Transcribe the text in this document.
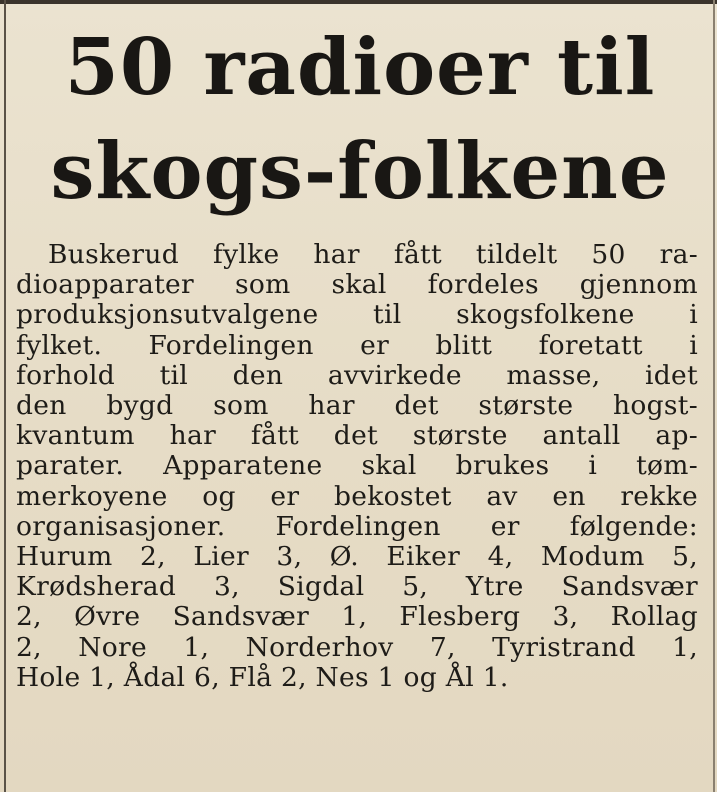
50 radioer til
skogs-folkene
Buskerud fylke har fått tildelt 50 ra-
dioapparater som skal fordeles gjennom
produksjonsutvalgene til skogsfolkene i
fylket. Fordelingen er blitt foretatt i
forhold til den avvirkede masse, idet
den bygd som har det største hogst-
kvantum har fått det største antall ap-
parater. Apparatene skal brukes i tøm-
merkoyene og er bekostet av en rekke
organisasjoner. Fordelingen er følgende:
Hurum 2, Lier 3, Ø. Eiker 4, Modum 5,
Krødsherad 3, Sigdal 5, Ytre Sandsvær
2, Øvre Sandsvær 1, Flesberg 3, Rollag
2, Nore 1, Norderhov 7, Tyristrand 1,
Hole 1, Ådal 6, Flå 2, Nes 1 og Ål 1.
